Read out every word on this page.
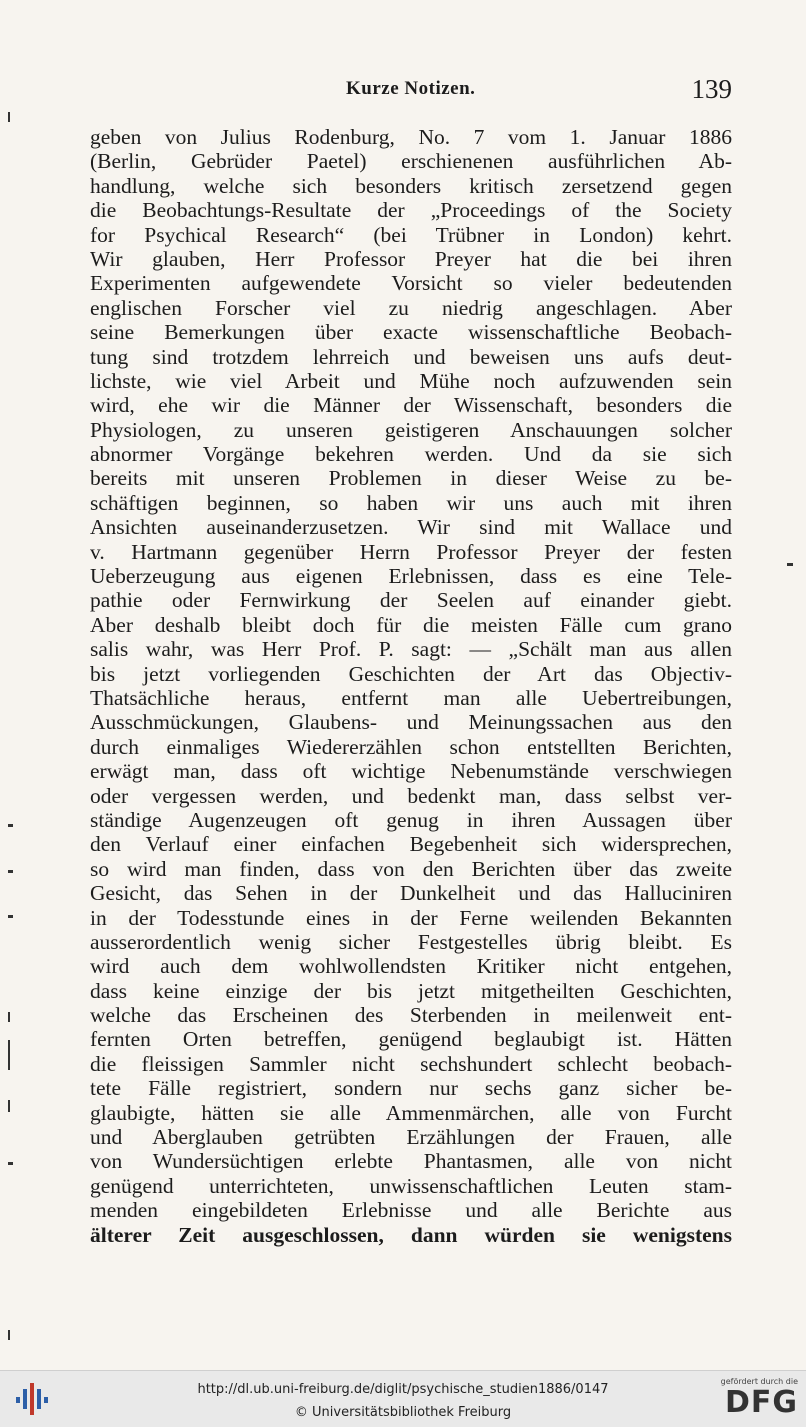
Kurze Notizen.	139
geben von Julius Rodenburg, No. 7 vom 1. Januar 1886
(Berlin, Gebrüder Paetel) erschienenen ausführlichen Ab-
handlung, welche sich besonders kritisch zersetzend gegen
die Beobachtungs-Resultate der „Proceedings of the Society
for Psychical Research“ (bei Trübner in London) kehrt.
Wir glauben, Herr Professor Preyer hat die bei ihren
Experimenten aufgewendete Vorsicht so vieler bedeutenden
englischen Forscher viel zu niedrig angeschlagen. Aber
seine Bemerkungen über exacte wissenschaftliche Beobach-
tung sind trotzdem lehrreich und beweisen uns aufs deut-
lichste, wie viel Arbeit und Mühe noch aufzuwenden sein
wird, ehe wir die Männer der Wissenschaft, besonders die
Physiologen, zu unseren geistigeren Anschauungen solcher
abnormer Vorgänge bekehren werden. Und da sie sich
bereits mit unseren Problemen in dieser Weise zu be-
schäftigen beginnen, so haben wir uns auch mit ihren
Ansichten auseinanderzusetzen. Wir sind mit Wallace und
v. Hartmann gegenüber Herrn Professor Preyer der festen
Ueberzeugung aus eigenen Erlebnissen, dass es eine Tele-
pathie oder Fernwirkung der Seelen auf einander giebt.
Aber deshalb bleibt doch für die meisten Fälle cum grano
salis wahr, was Herr Prof. P. sagt: — „Schält man aus allen
bis jetzt vorliegenden Geschichten der Art das Objectiv-
Thatsächliche heraus, entfernt man alle Uebertreibungen,
Ausschmückungen, Glaubens- und Meinungssachen aus den
durch einmaliges Wiedererzählen schon entstellten Berichten,
erwägt man, dass oft wichtige Nebenumstände verschwiegen
oder vergessen werden, und bedenkt man, dass selbst ver-
ständige Augenzeugen oft genug in ihren Aussagen über
den Verlauf einer einfachen Begebenheit sich widersprechen,
so wird man finden, dass von den Berichten über das zweite
Gesicht, das Sehen in der Dunkelheit und das Halluciniren
in der Todesstunde eines in der Ferne weilenden Bekannten
ausserordentlich wenig sicher Festgestelles übrig bleibt. Es
wird auch dem wohlwollendsten Kritiker nicht entgehen,
dass keine einzige der bis jetzt mitgetheilten Geschichten,
welche das Erscheinen des Sterbenden in meilenweit ent-
fernten Orten betreffen, genügend beglaubigt ist. Hätten
die fleissigen Sammler nicht sechshundert schlecht beobach-
tete Fälle registriert, sondern nur sechs ganz sicher be-
glaubigte, hätten sie alle Ammenmärchen, alle von Furcht
und Aberglauben getrübten Erzählungen der Frauen, alle
von Wundersüchtigen erlebte Phantasmen, alle von nicht
genügend unterrichteten, unwissenschaftlichen Leuten stam-
menden eingebildeten Erlebnisse und alle Berichte aus
älterer Zeit ausgeschlossen, dann würden sie wenigstens
http://dl.ub.uni-freiburg.de/diglit/psychische_studien1886/0147
© Universitätsbibliothek Freiburg
gefördert durch die
DFG
